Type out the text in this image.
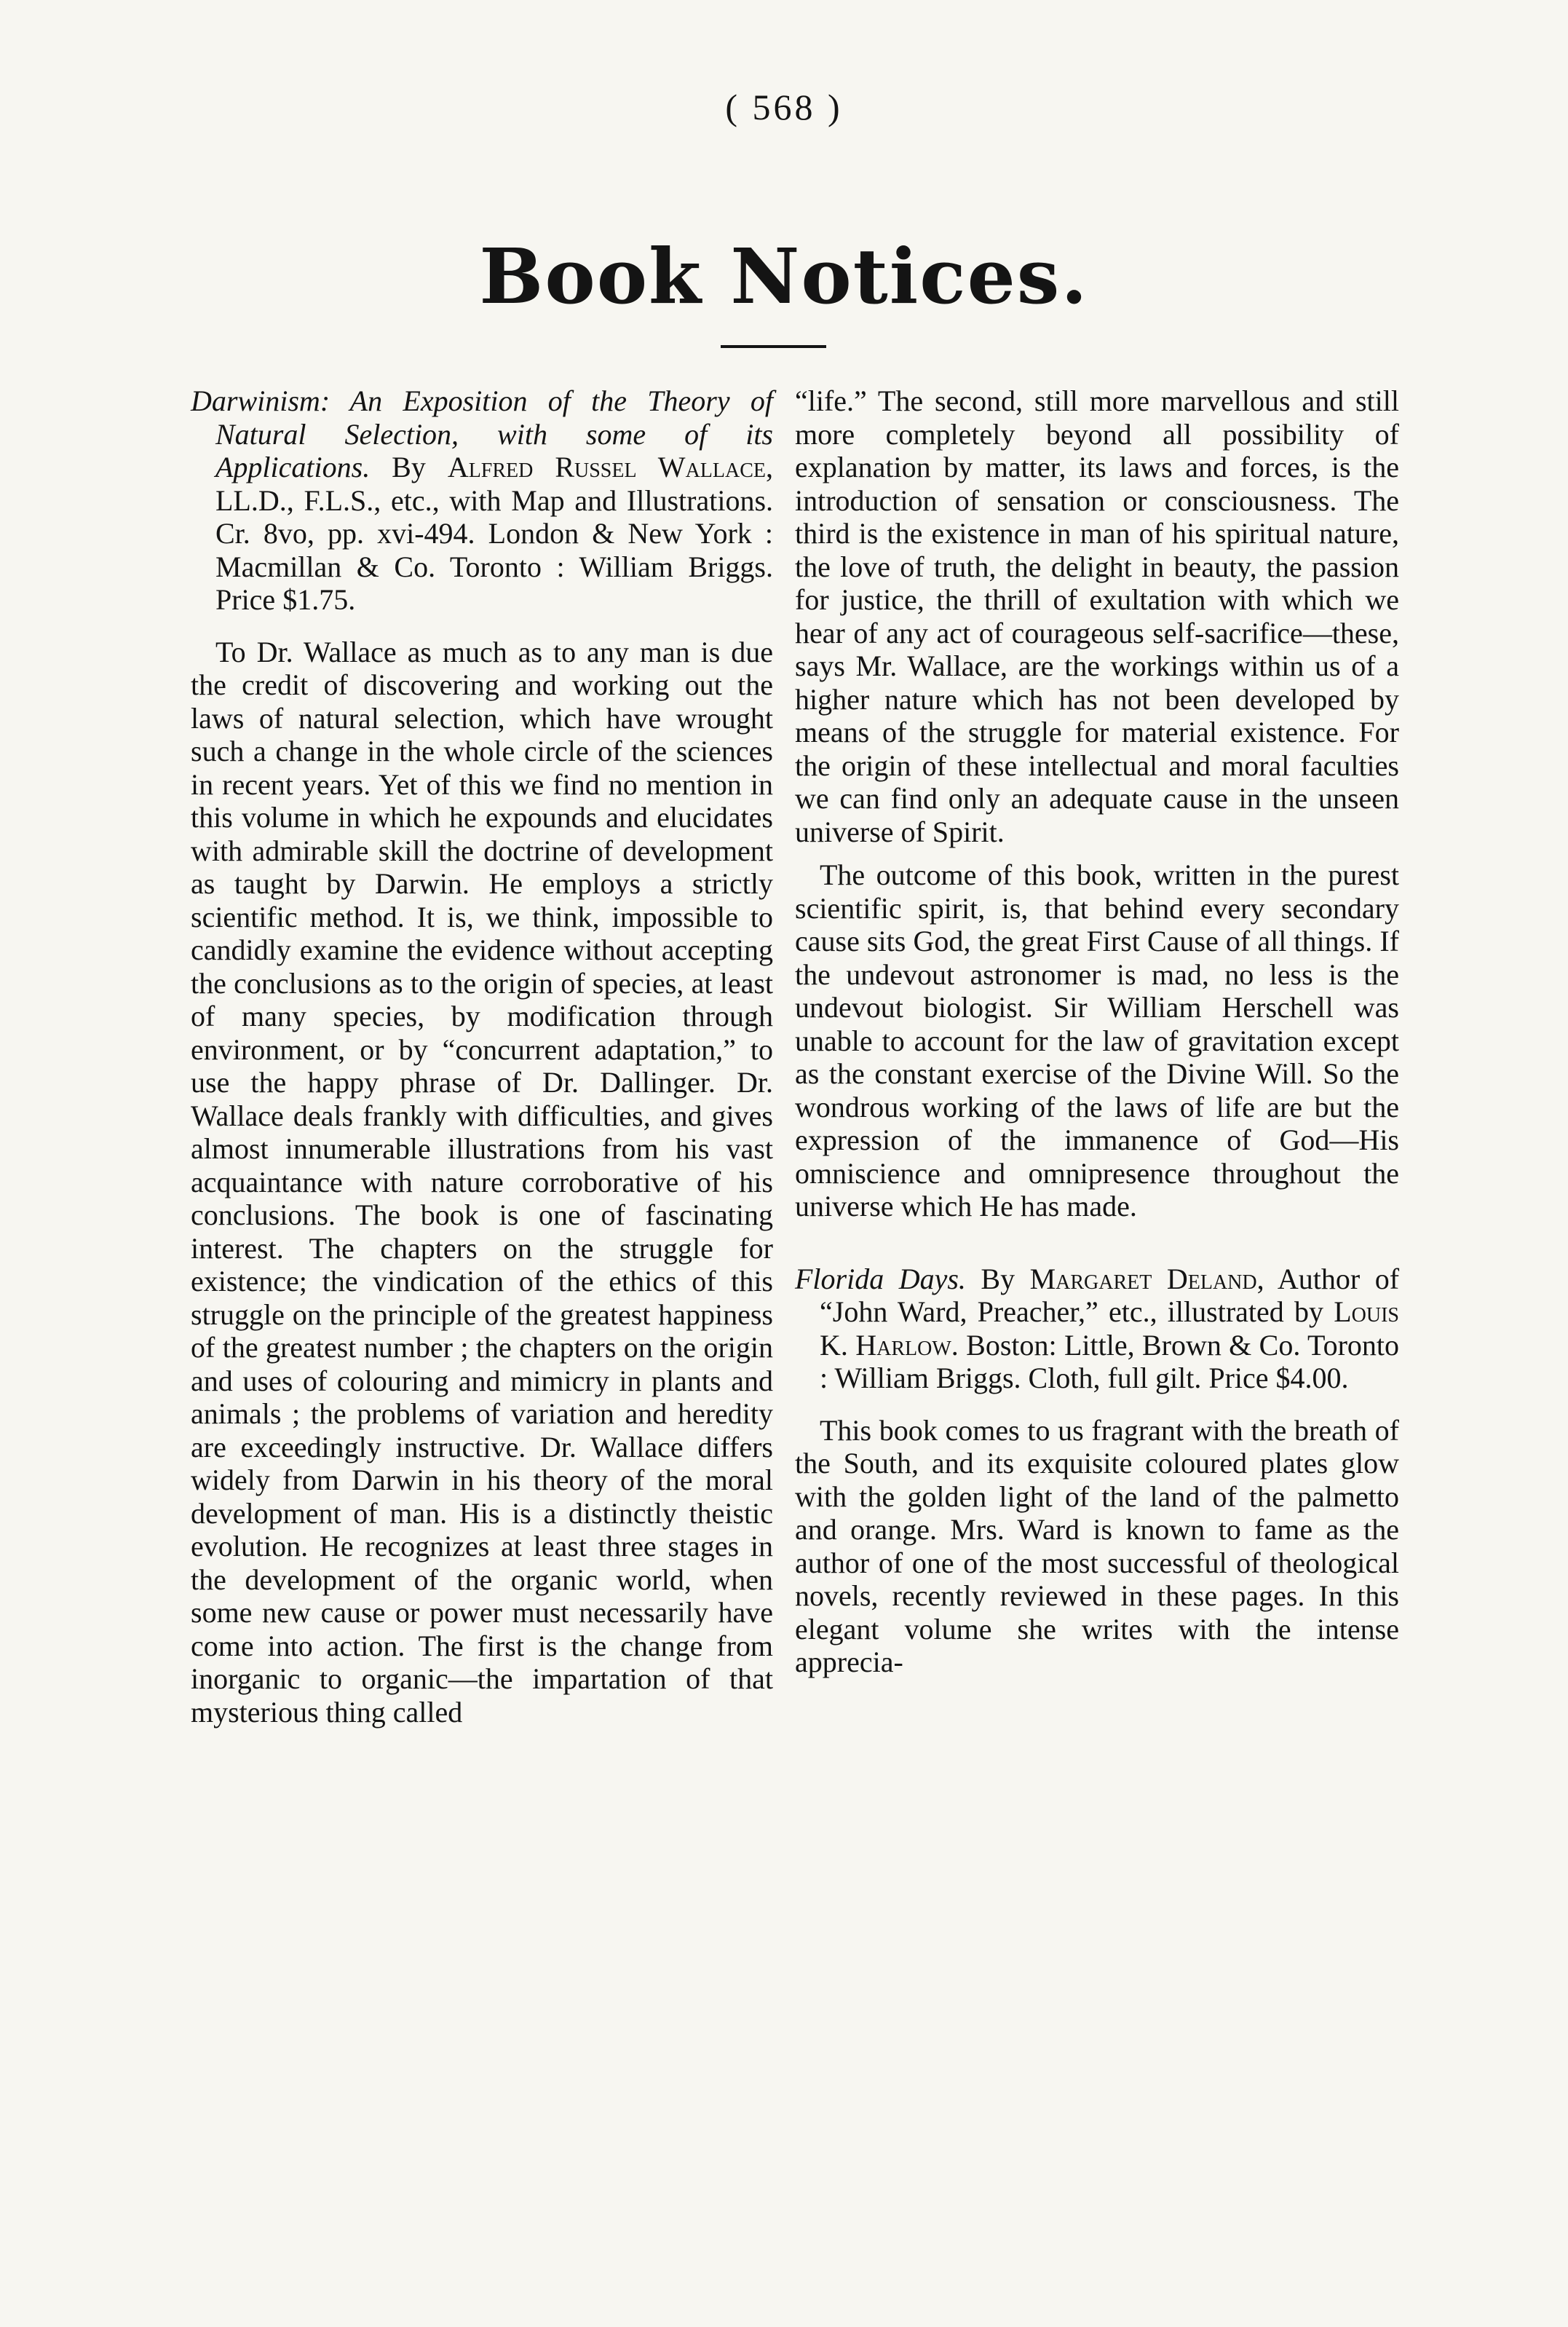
( 568 )
Book Notices.
Darwinism: An Exposition of the Theory of Natural Selection, with some of its Applications. By Alfred Russel Wallace, LL.D., F.L.S., etc., with Map and Illustrations. Cr. 8vo, pp. xvi-494. London & New York : Macmillan & Co. Toronto : William Briggs. Price $1.75.

To Dr. Wallace as much as to any man is due the credit of discovering and working out the laws of natural selection, which have wrought such a change in the whole circle of the sciences in recent years. Yet of this we find no mention in this volume in which he expounds and elucidates with admirable skill the doctrine of development as taught by Darwin. He employs a strictly scientific method. It is, we think, impossible to candidly examine the evidence without accepting the conclusions as to the origin of species, at least of many species, by modification through environment, or by “concurrent adaptation,” to use the happy phrase of Dr. Dallinger. Dr. Wallace deals frankly with difficulties, and gives almost innumerable illustrations from his vast acquaintance with nature corroborative of his conclusions. The book is one of fascinating interest. The chapters on the struggle for existence; the vindication of the ethics of this struggle on the principle of the greatest happiness of the greatest number ; the chapters on the origin and uses of colouring and mimicry in plants and animals ; the problems of variation and heredity are exceedingly instructive. Dr. Wallace differs widely from Darwin in his theory of the moral development of man. His is a distinctly theistic evolution. He recognizes at least three stages in the development of the organic world, when some new cause or power must necessarily have come into action. The first is the change from inorganic to organic—the impartation of that mysterious thing called

“life.” The second, still more marvellous and still more completely beyond all possibility of explanation by matter, its laws and forces, is the introduction of sensation or consciousness. The third is the existence in man of his spiritual nature, the love of truth, the delight in beauty, the passion for justice, the thrill of exultation with which we hear of any act of courageous self-sacrifice—these, says Mr. Wallace, are the workings within us of a higher nature which has not been developed by means of the struggle for material existence. For the origin of these intellectual and moral faculties we can find only an adequate cause in the unseen universe of Spirit.

The outcome of this book, written in the purest scientific spirit, is, that behind every secondary cause sits God, the great First Cause of all things. If the undevout astronomer is mad, no less is the undevout biologist. Sir William Herschell was unable to account for the law of gravitation except as the constant exercise of the Divine Will. So the wondrous working of the laws of life are but the expression of the immanence of God—His omniscience and omnipresence throughout the universe which He has made.

Florida Days. By Margaret Deland, Author of “John Ward, Preacher,” etc., illustrated by Louis K. Harlow. Boston: Little, Brown & Co. Toronto : William Briggs. Cloth, full gilt. Price $4.00.

This book comes to us fragrant with the breath of the South, and its exquisite coloured plates glow with the golden light of the land of the palmetto and orange. Mrs. Ward is known to fame as the author of one of the most successful of theological novels, recently reviewed in these pages. In this elegant volume she writes with the intense apprecia-
